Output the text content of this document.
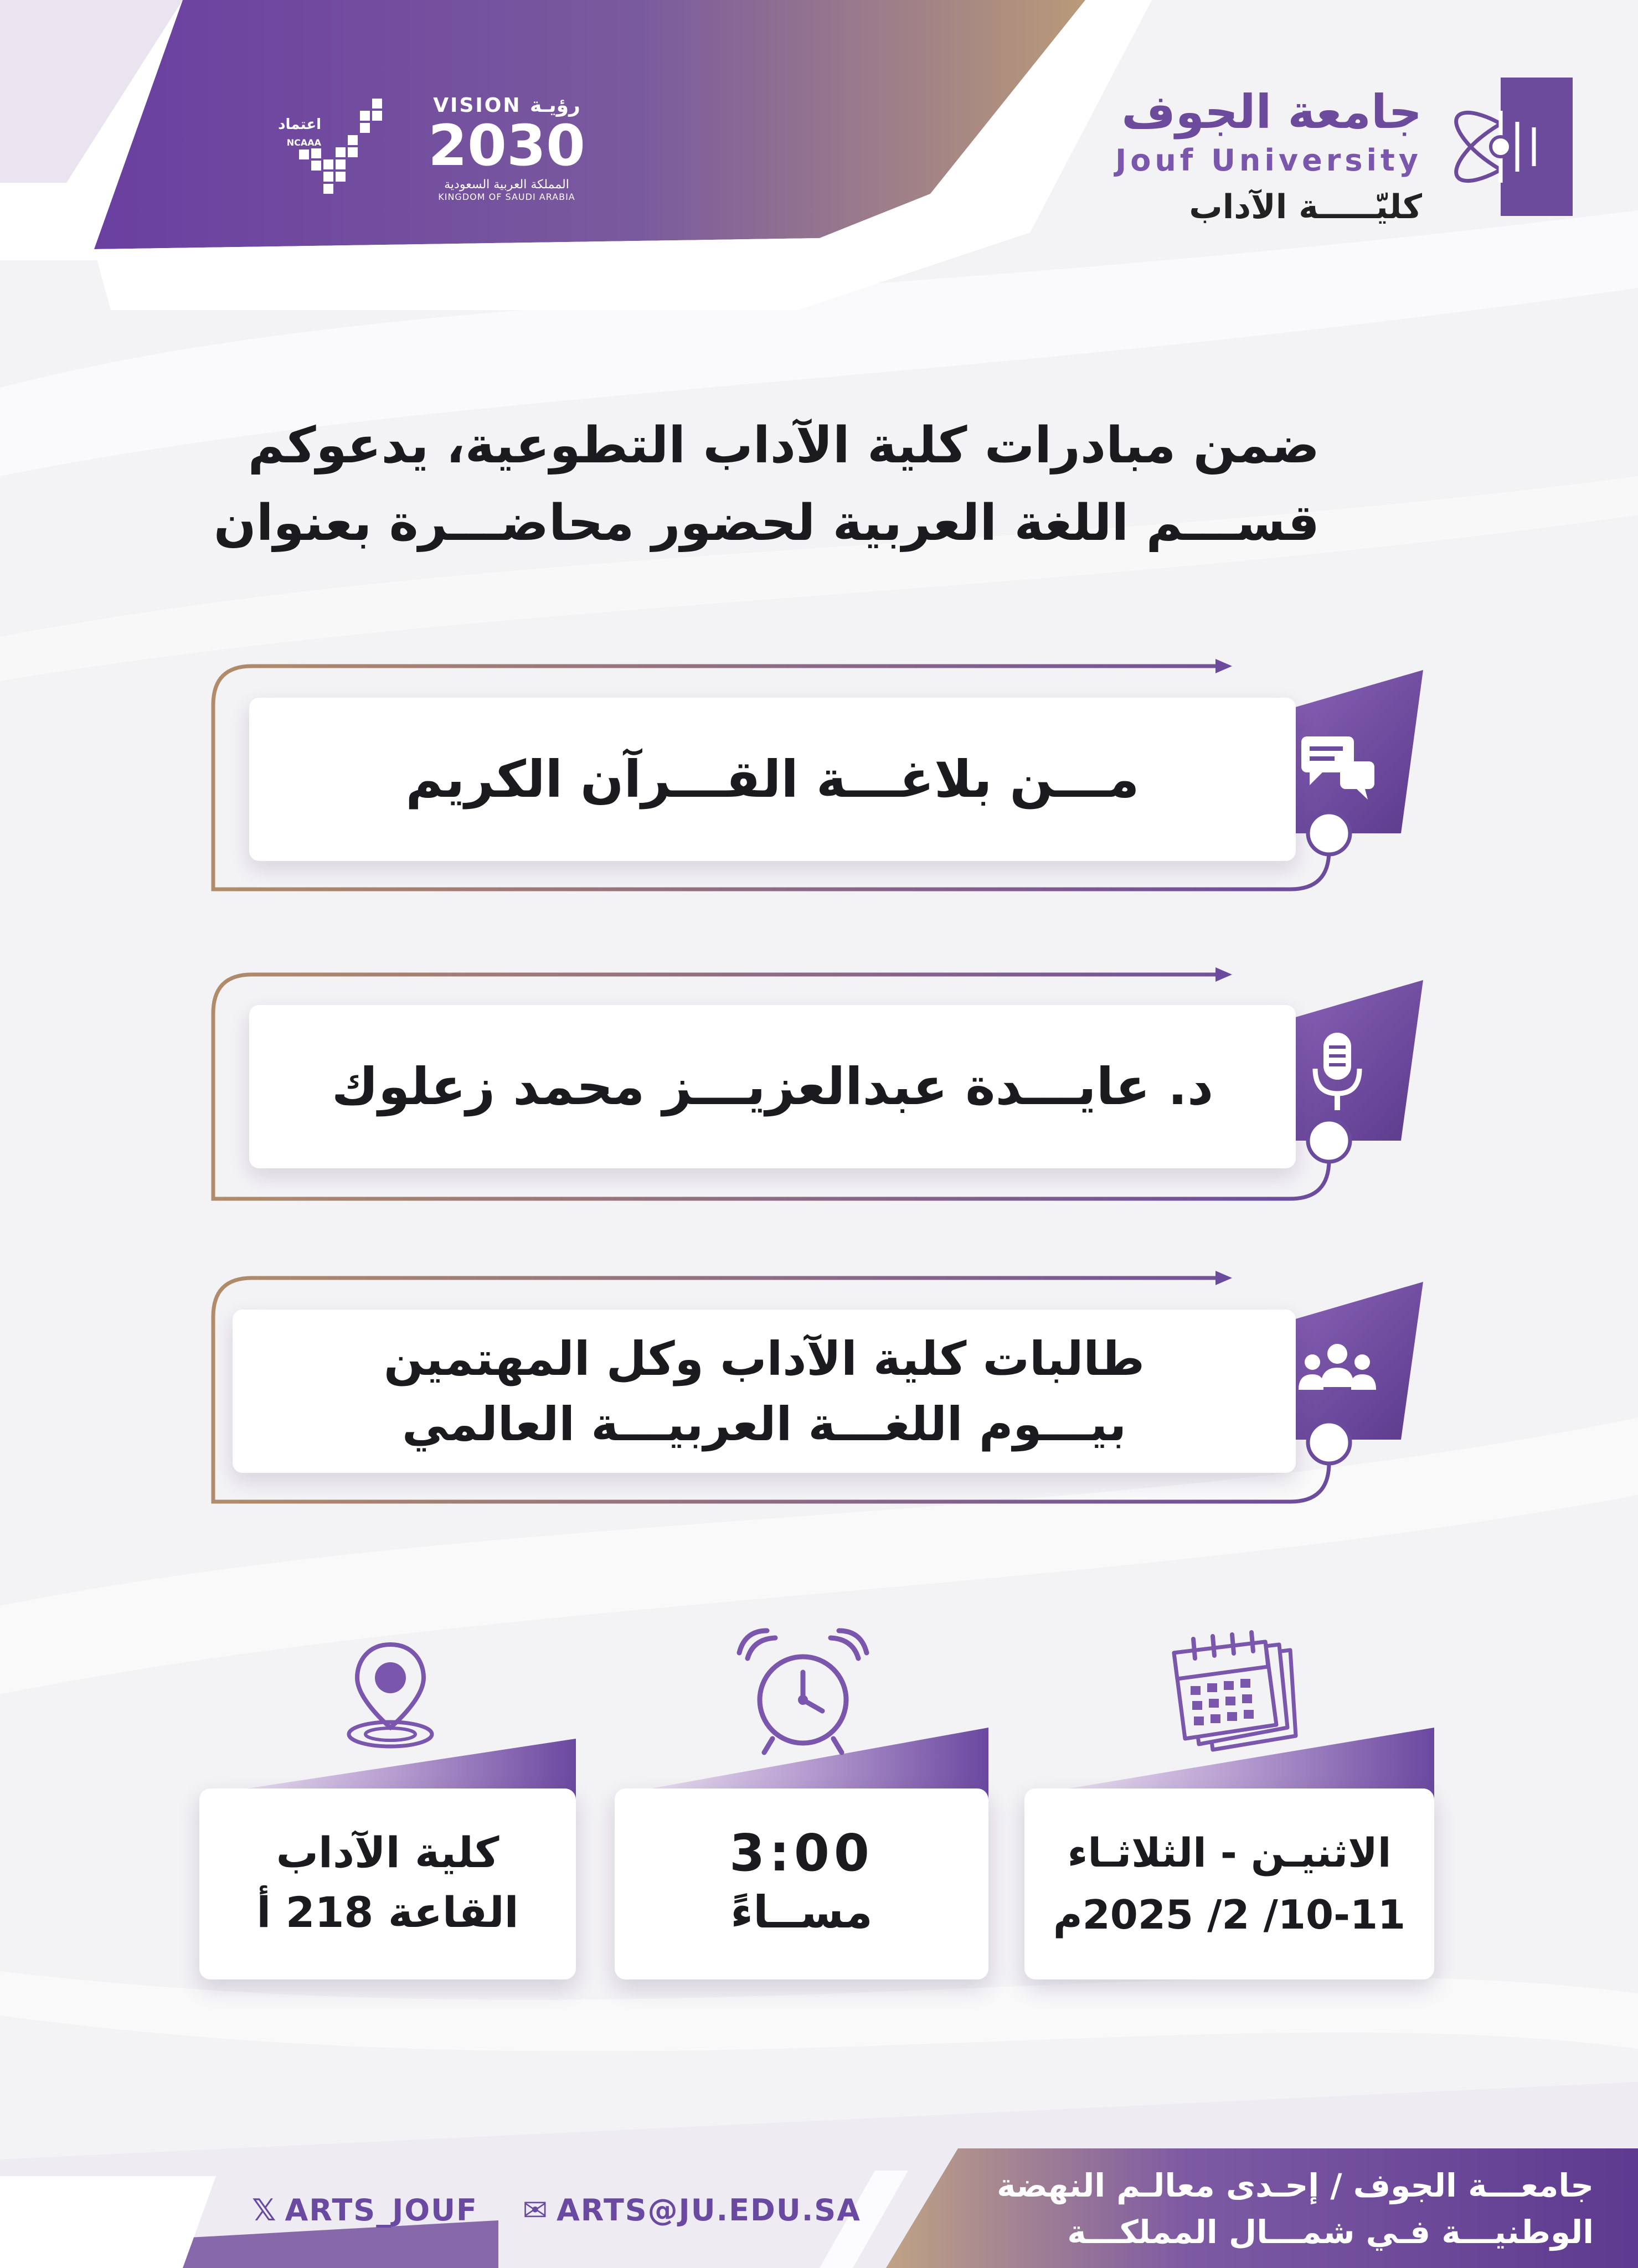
جامعة الجوف
Jouf University
كليّـــــة الآداب
VISION رؤيـة
2030
المملكة العربية السعودية
KINGDOM OF SAUDI ARABIA
اعتماد
NCAAA
ضمن مبادرات كلية الآداب التطوعية، يدعوكم
قســـم اللغة العربية لحضور محاضـــرة بعنوان
مـــن بلاغـــة القـــرآن الكريم
د. عايـــدة عبدالعزيـــز محمد زعلوك
طالبات كلية الآداب وكل المهتمين
بيـــوم اللغـــة العربيـــة العالمي
كلية الآداب
القاعة 218 أ
3:00
مســاءً
الاثنيـن - الثلاثـاء
10-11/ 2/ 2025م
جامعـــة الجوف / إحـدى معالـم النهضة
الوطنيـــة فـي شمـــال المملكـــة
𝕏 ARTS_JOUF ✉ ARTS@JU.EDU.SA
